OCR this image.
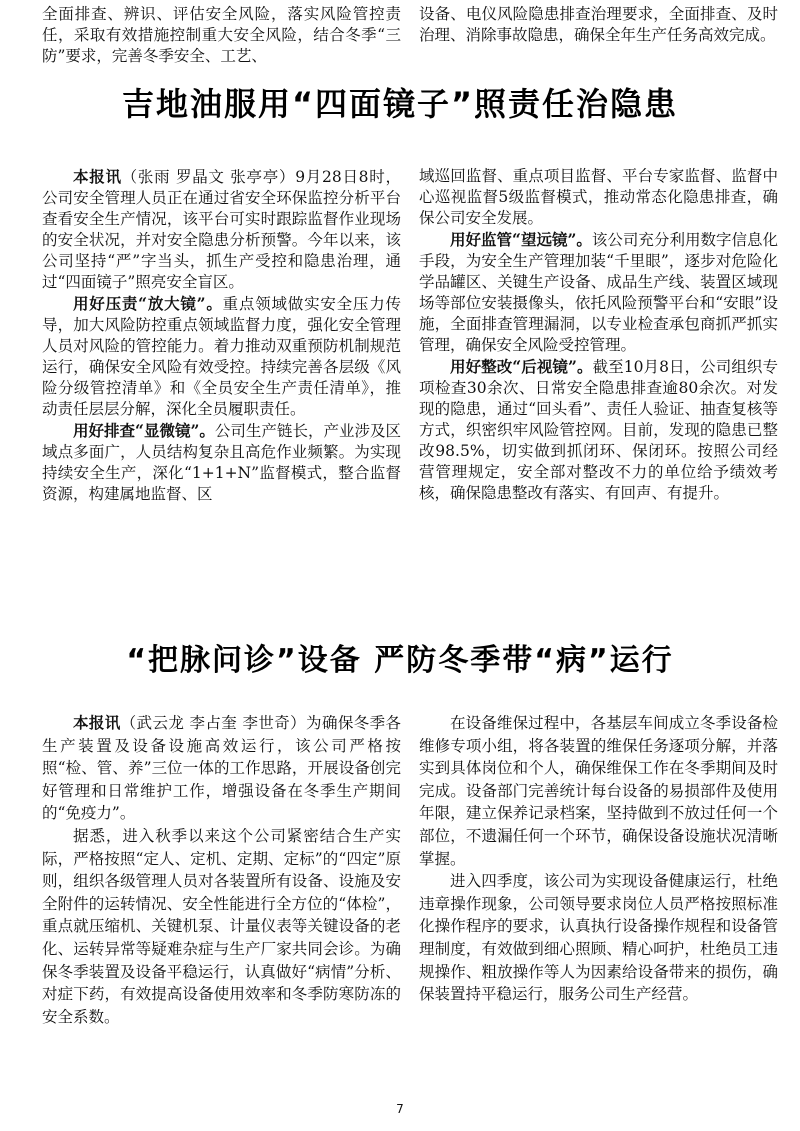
全面排查、辨识、评估安全风险，落实风险管控责任，采取有效措施控制重大安全风险，结合冬季“三防”要求，完善冬季安全、工艺、

设备、电仪风险隐患排查治理要求，全面排查、及时治理、消除事故隐患，确保全年生产任务高效完成。

吉地油服用“四面镜子”照责任治隐患

本报讯（张雨 罗晶文 张亭亭）9月28日8时，公司安全管理人员正在通过省安全环保监控分析平台查看安全生产情况，该平台可实时跟踪监督作业现场的安全状况，并对安全隐患分析预警。今年以来，该公司坚持“严”字当头，抓生产受控和隐患治理，通过“四面镜子”照亮安全盲区。

用好压责“放大镜”。重点领域做实安全压力传导，加大风险防控重点领域监督力度，强化安全管理人员对风险的管控能力。着力推动双重预防机制规范运行，确保安全风险有效受控。持续完善各层级《风险分级管控清单》和《全员安全生产责任清单》，推动责任层层分解，深化全员履职责任。

用好排查“显微镜”。公司生产链长，产业涉及区域点多面广，人员结构复杂且高危作业频繁。为实现持续安全生产，深化“1+1+N”监督模式，整合监督资源，构建属地监督、区

域巡回监督、重点项目监督、平台专家监督、监督中心巡视监督5级监督模式，推动常态化隐患排查，确保公司安全发展。

用好监管“望远镜”。该公司充分利用数字信息化手段，为安全生产管理加装“千里眼”，逐步对危险化学品罐区、关键生产设备、成品生产线、装置区域现场等部位安装摄像头，依托风险预警平台和“安眼”设施，全面排查管理漏洞，以专业检查承包商抓严抓实管理，确保安全风险受控管理。

用好整改“后视镜”。截至10月8日，公司组织专项检查30余次、日常安全隐患排查逾80余次。对发现的隐患，通过“回头看”、责任人验证、抽查复核等方式，织密织牢风险管控网。目前，发现的隐患已整改98.5%，切实做到抓闭环、保闭环。按照公司经营管理规定，安全部对整改不力的单位给予绩效考核，确保隐患整改有落实、有回声、有提升。

“把脉问诊”设备 严防冬季带“病”运行

本报讯（武云龙 李占奎 李世奇）为确保冬季各生产装置及设备设施高效运行，该公司严格按照“检、管、养”三位一体的工作思路，开展设备创完好管理和日常维护工作，增强设备在冬季生产期间的“免疫力”。

据悉，进入秋季以来这个公司紧密结合生产实际，严格按照“定人、定机、定期、定标”的“四定”原则，组织各级管理人员对各装置所有设备、设施及安全附件的运转情况、安全性能进行全方位的“体检”，重点就压缩机、关键机泵、计量仪表等关键设备的老化、运转异常等疑难杂症与生产厂家共同会诊。为确保冬季装置及设备平稳运行，认真做好“病情”分析、对症下药，有效提高设备使用效率和冬季防寒防冻的安全系数。

在设备维保过程中，各基层车间成立冬季设备检维修专项小组，将各装置的维保任务逐项分解，并落实到具体岗位和个人，确保维保工作在冬季期间及时完成。设备部门完善统计每台设备的易损部件及使用年限，建立保养记录档案，坚持做到不放过任何一个部位，不遗漏任何一个环节，确保设备设施状况清晰掌握。

进入四季度，该公司为实现设备健康运行，杜绝违章操作现象，公司领导要求岗位人员严格按照标准化操作程序的要求，认真执行设备操作规程和设备管理制度，有效做到细心照顾、精心呵护，杜绝员工违规操作、粗放操作等人为因素给设备带来的损伤，确保装置持平稳运行，服务公司生产经营。

7
